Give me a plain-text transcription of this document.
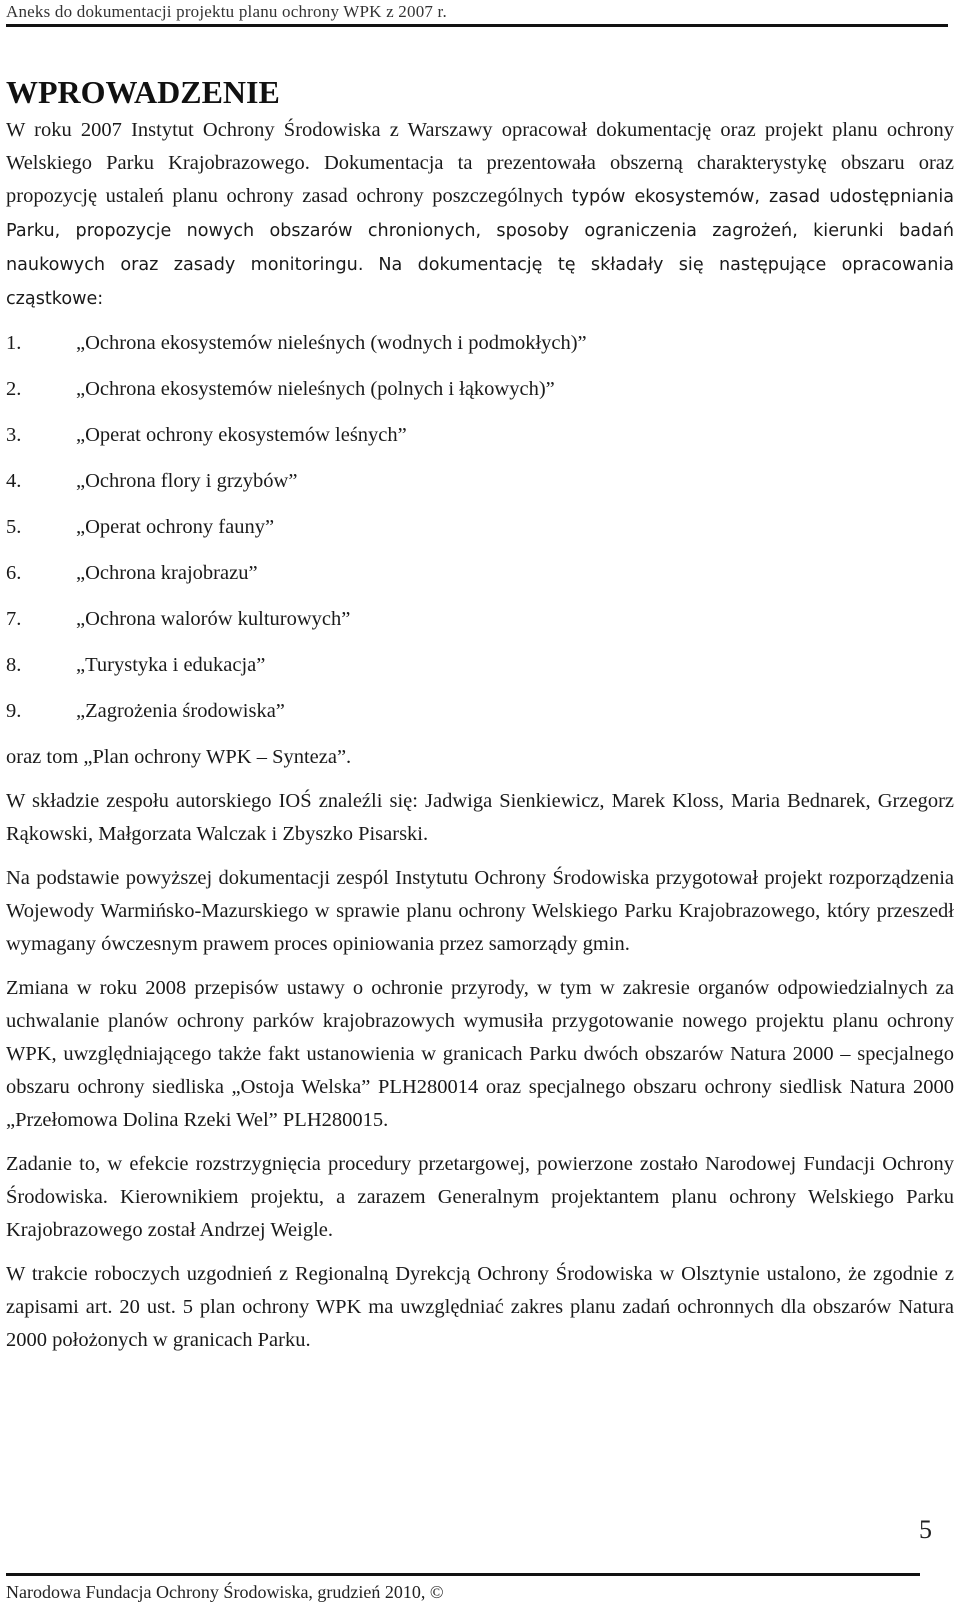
Aneks do dokumentacji projektu planu ochrony WPK z 2007 r.
WPROWADZENIE

W roku 2007 Instytut Ochrony Środowiska z Warszawy opracował dokumentację oraz projekt planu ochrony Welskiego Parku Krajobrazowego. Dokumentacja ta prezentowała obszerną charakterystykę obszaru oraz propozycję ustaleń planu ochrony zasad ochrony poszczególnych typów ekosystemów, zasad udostępniania Parku, propozycje nowych obszarów chronionych, sposoby ograniczenia zagrożeń, kierunki badań naukowych oraz zasady monitoringu. Na dokumentację tę składały się następujące opracowania cząstkowe:

1.	„Ochrona ekosystemów nieleśnych (wodnych i podmokłych)”
2.	„Ochrona ekosystemów nieleśnych (polnych i łąkowych)”
3.	„Operat ochrony ekosystemów leśnych”
4.	„Ochrona flory i grzybów”
5.	„Operat ochrony fauny”
6.	„Ochrona krajobrazu”
7.	„Ochrona walorów kulturowych”
8.	„Turystyka i edukacja”
9.	„Zagrożenia środowiska”

oraz tom „Plan ochrony WPK – Synteza”.

W składzie zespołu autorskiego IOŚ znaleźli się: Jadwiga Sienkiewicz, Marek Kloss, Maria Bednarek, Grzegorz Rąkowski, Małgorzata Walczak i Zbyszko Pisarski.

Na podstawie powyższej dokumentacji zespól Instytutu Ochrony Środowiska przygotował projekt rozporządzenia Wojewody Warmińsko-Mazurskiego w sprawie planu ochrony Welskiego Parku Krajobrazowego, który przeszedł wymagany ówczesnym prawem proces opiniowania przez samorządy gmin.

Zmiana w roku 2008 przepisów ustawy o ochronie przyrody, w tym w zakresie organów odpowiedzialnych za uchwalanie planów ochrony parków krajobrazowych wymusiła przygotowanie nowego projektu planu ochrony WPK, uwzględniającego także fakt ustanowienia w granicach Parku dwóch obszarów Natura 2000 – specjalnego obszaru ochrony siedliska „Ostoja Welska” PLH280014 oraz specjalnego obszaru ochrony siedlisk Natura 2000 „Przełomowa Dolina Rzeki Wel” PLH280015.

Zadanie to, w efekcie rozstrzygnięcia procedury przetargowej, powierzone zostało Narodowej Fundacji Ochrony Środowiska. Kierownikiem projektu, a zarazem Generalnym projektantem planu ochrony Welskiego Parku Krajobrazowego został Andrzej Weigle.

W trakcie roboczych uzgodnień z Regionalną Dyrekcją Ochrony Środowiska w Olsztynie ustalono, że zgodnie z zapisami art. 20 ust. 5 plan ochrony WPK ma uwzględniać zakres planu zadań ochronnych dla obszarów Natura 2000 położonych w granicach Parku.

5
Narodowa Fundacja Ochrony Środowiska, grudzień 2010, ©
